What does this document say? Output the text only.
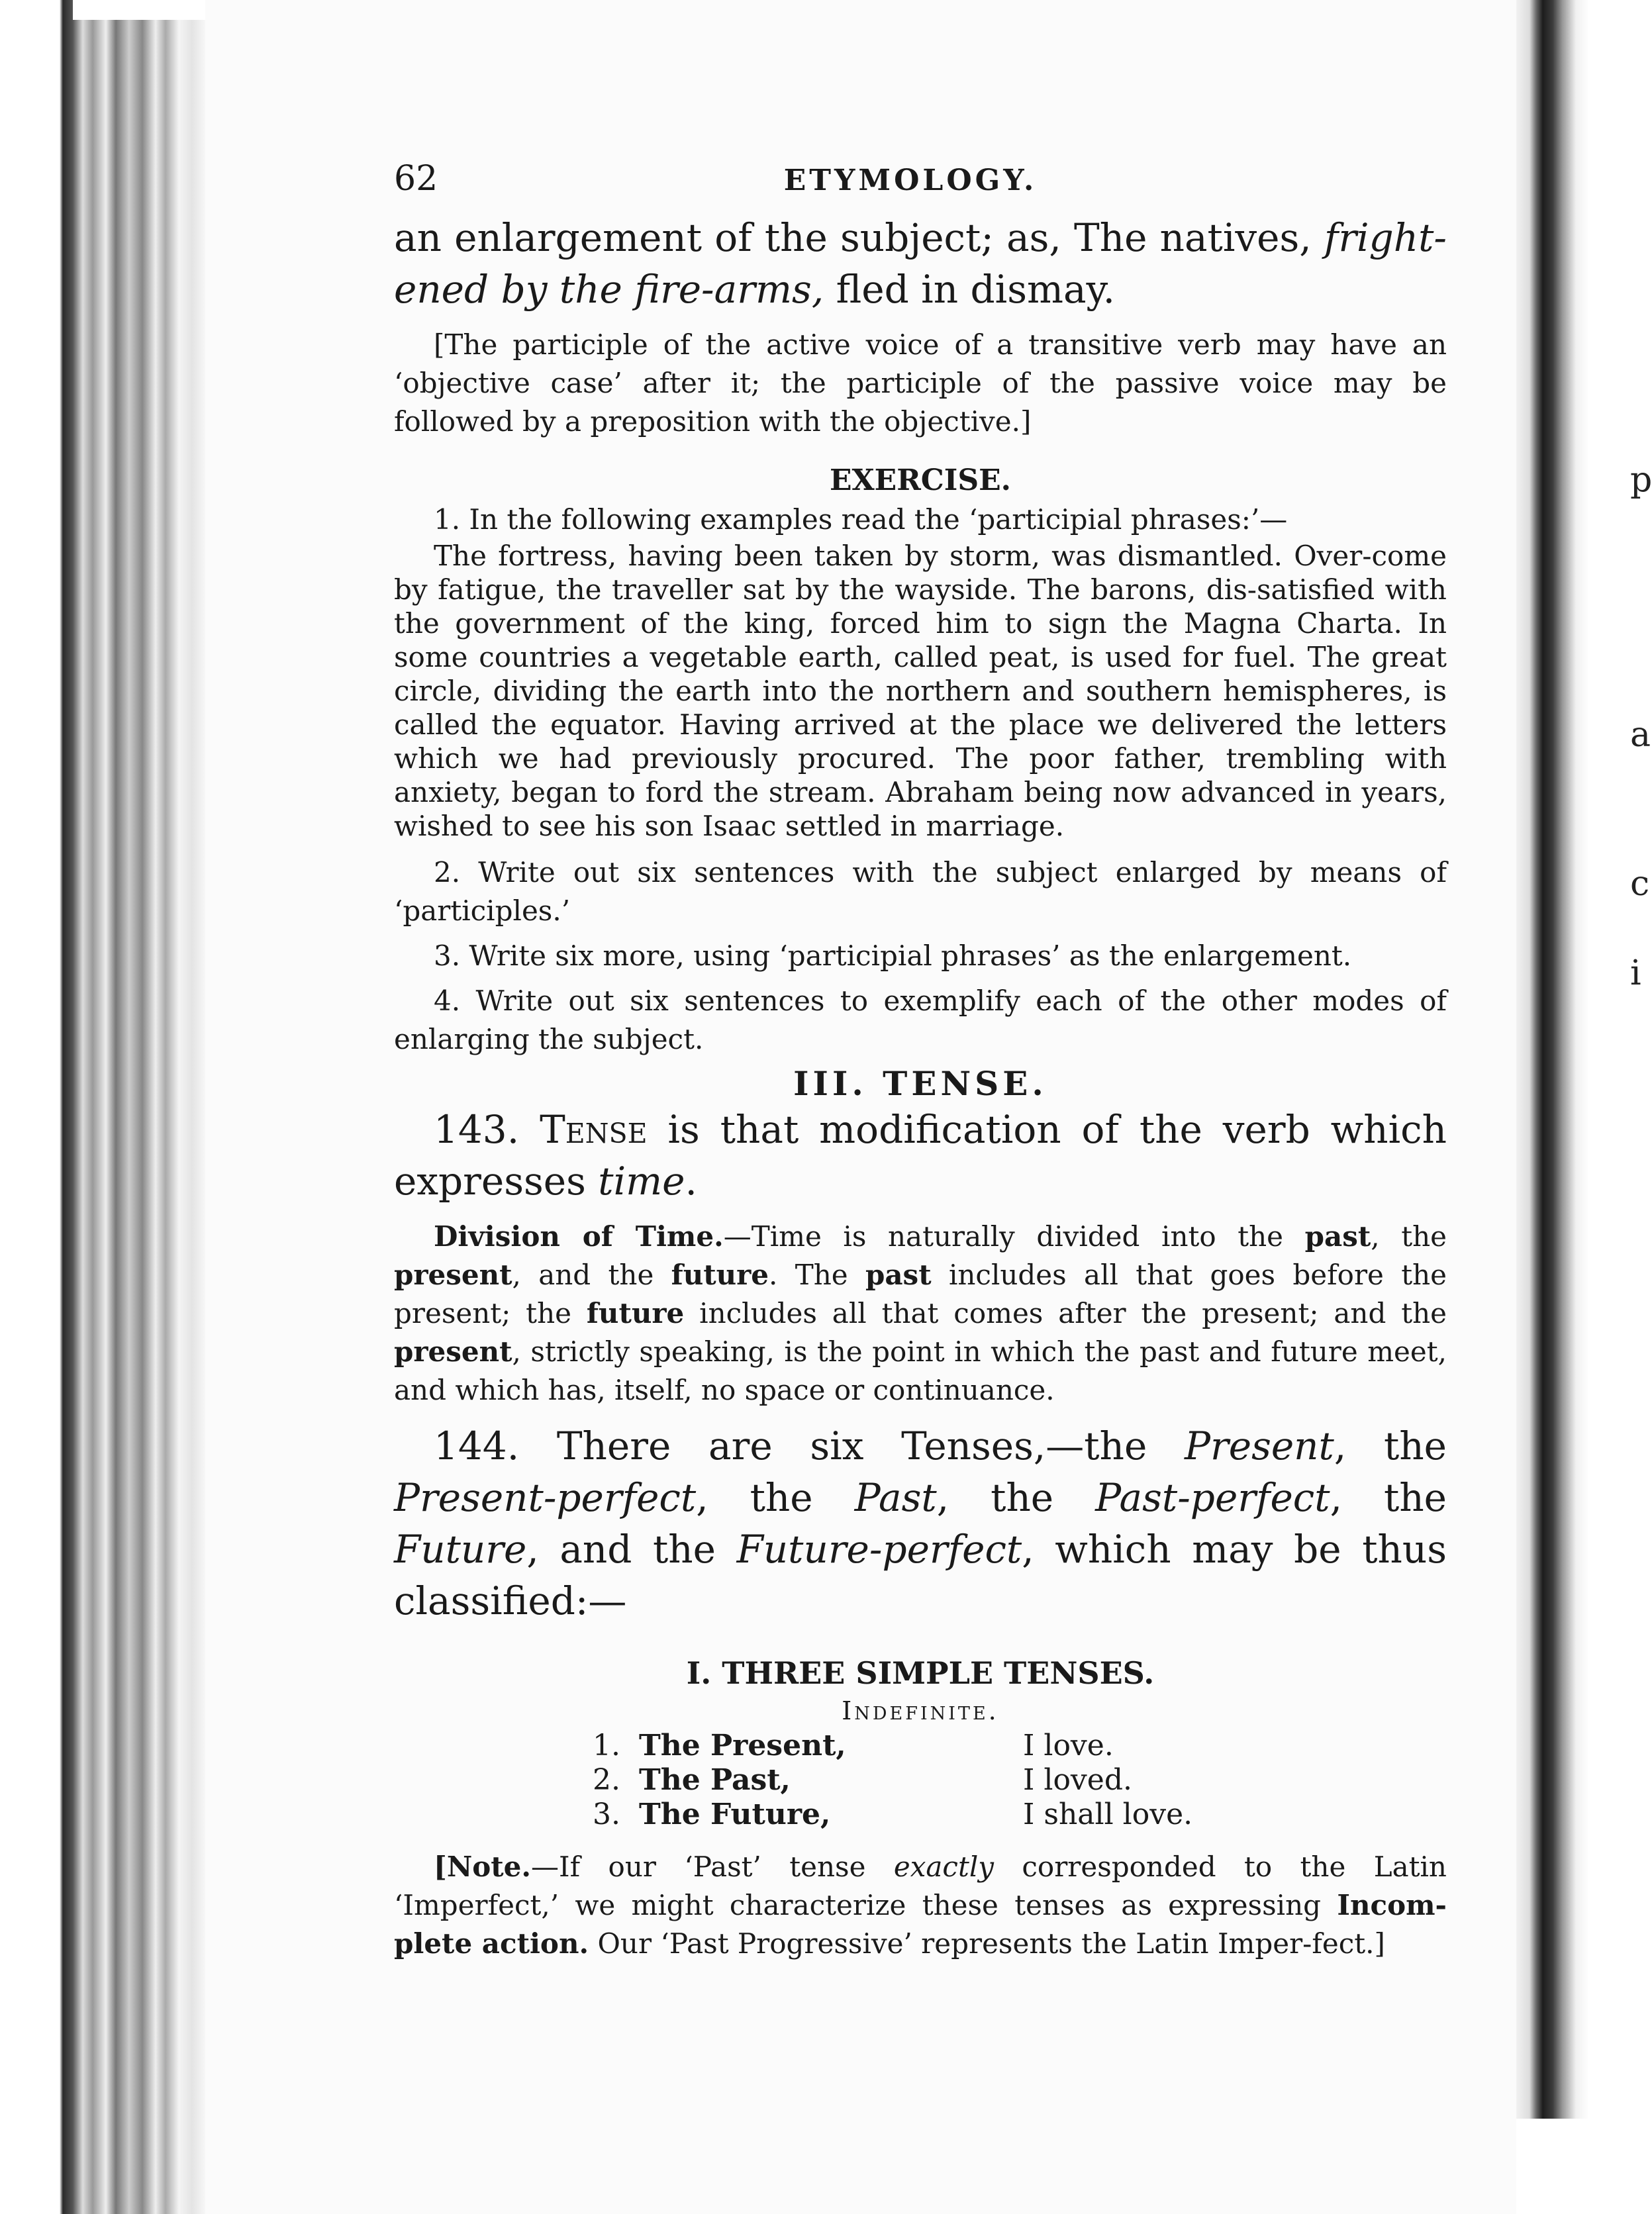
p
a
c
i
62	ETYMOLOGY.

an enlargement of the subject; as, The natives, fright-ened by the fire-arms, fled in dismay.

[The participle of the active voice of a transitive verb may have an ‘objective case’ after it; the participle of the passive voice may be followed by a preposition with the objective.]

EXERCISE.

1. In the following examples read the ‘participial phrases:’—

The fortress, having been taken by storm, was dismantled. Over-come by fatigue, the traveller sat by the wayside. The barons, dis-satisfied with the government of the king, forced him to sign the Magna Charta. In some countries a vegetable earth, called peat, is used for fuel. The great circle, dividing the earth into the northern and southern hemispheres, is called the equator. Having arrived at the place we delivered the letters which we had previously procured. The poor father, trembling with anxiety, began to ford the stream. Abraham being now advanced in years, wished to see his son Isaac settled in marriage.

2. Write out six sentences with the subject enlarged by means of ‘participles.’

3. Write six more, using ‘participial phrases’ as the enlargement.

4. Write out six sentences to exemplify each of the other modes of enlarging the subject.

III. TENSE.

143. Tense is that modification of the verb which expresses time.

Division of Time.—Time is naturally divided into the past, the present, and the future. The past includes all that goes before the present; the future includes all that comes after the present; and the present, strictly speaking, is the point in which the past and future meet, and which has, itself, no space or continuance.

144. There are six Tenses,—the Present, the Present-perfect, the Past, the Past-perfect, the Future, and the Future-perfect, which may be thus classified:—

I. THREE SIMPLE TENSES.
Indefinite.
1. The Present,	I love.
2. The Past,	I loved.
3. The Future,	I shall love.

[Note.—If our ‘Past’ tense exactly corresponded to the Latin ‘Imperfect,’ we might characterize these tenses as expressing Incom-plete action. Our ‘Past Progressive’ represents the Latin Imper-fect.]
